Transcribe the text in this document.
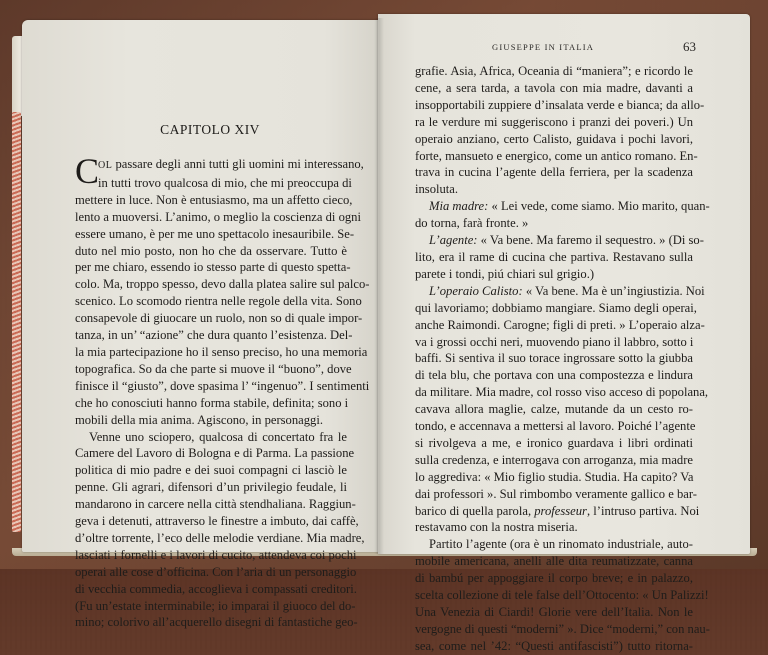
CAPITOLO XIV
C
OL passare degli anni tutti gli uomini mi interessano,
in tutti trovo qualcosa di mio, che mi preoccupa di
mettere in luce. Non è entusiasmo, ma un affetto cieco,
lento a muoversi. L’animo, o meglio la coscienza di ogni
essere umano, è per me uno spettacolo inesauribile. Se-
duto nel mio posto, non ho che da osservare. Tutto è
per me chiaro, essendo io stesso parte di questo spetta-
colo. Ma, troppo spesso, devo dalla platea salire sul palco-
scenico. Lo scomodo rientra nelle regole della vita. Sono
consapevole di giuocare un ruolo, non so di quale impor-
tanza, in un’ “azione” che dura quanto l’esistenza. Del-
la mia partecipazione ho il senso preciso, ho una memoria
topografica. So da che parte si muove il “buono”, dove
finisce il “giusto”, dove spasima l’ “ingenuo”. I sentimenti
che ho conosciuti hanno forma stabile, definita; sono i
mobili della mia anima. Agiscono, in personaggi.
Venne uno sciopero, qualcosa di concertato fra le
Camere del Lavoro di Bologna e di Parma. La passione
politica di mio padre e dei suoi compagni ci lasciò le
penne. Gli agrari, difensori d’un privilegio feudale, li
mandarono in carcere nella città stendhaliana. Raggiun-
geva i detenuti, attraverso le finestre a imbuto, dai caffè,
d’oltre torrente, l’eco delle melodie verdiane. Mia madre,
lasciati i fornelli e i lavori di cucito, attendeva coi pochi
operai alle cose d’officina. Con l’aria di un personaggio
di vecchia commedia, accoglieva i compassati creditori.
(Fu un’estate interminabile; io imparai il giuoco del do-
mino; colorivo all’acquerello disegni di fantastiche geo-
GIUSEPPE IN ITALIA	63
grafie. Asia, Africa, Oceania di “maniera”; e ricordo le
cene, a sera tarda, a tavola con mia madre, davanti a
insopportabili zuppiere d’insalata verde e bianca; da allo-
ra le verdure mi suggeriscono i pranzi dei poveri.) Un
operaio anziano, certo Calisto, guidava i pochi lavori,
forte, mansueto e energico, come un antico romano. En-
trava in cucina l’agente della ferriera, per la scadenza
insoluta.
Mia madre: « Lei vede, come siamo. Mio marito, quan-
do torna, farà fronte. »
L’agente: « Va bene. Ma faremo il sequestro. » (Di so-
lito, era il rame di cucina che partiva. Restavano sulla
parete i tondi, piú chiari sul grigio.)
L’operaio Calisto: « Va bene. Ma è un’ingiustizia. Noi
qui lavoriamo; dobbiamo mangiare. Siamo degli operai,
anche Raimondi. Carogne; figli di preti. » L’operaio alza-
va i grossi occhi neri, muovendo piano il labbro, sotto i
baffi. Si sentiva il suo torace ingrossare sotto la giubba
di tela blu, che portava con una compostezza e lindura
da militare. Mia madre, col rosso viso acceso di popolana,
cavava allora maglie, calze, mutande da un cesto ro-
tondo, e accennava a mettersi al lavoro. Poiché l’agente
si rivolgeva a me, e ironico guardava i libri ordinati
sulla credenza, e interrogava con arroganza, mia madre
lo aggrediva: « Mio figlio studia. Studia. Ha capito? Va
dai professori ». Sul rimbombo veramente gallico e bar-
barico di quella parola, professeur, l’intruso partiva. Noi
restavamo con la nostra miseria.
Partito l’agente (ora è un rinomato industriale, auto-
mobile americana, anelli alle dita reumatizzate, canna
di bambú per appoggiare il corpo breve; e in palazzo,
scelta collezione di tele false dell’Ottocento: « Un Palizzi!
Una Venezia di Ciardi! Glorie vere dell’Italia. Non le
vergogne di questi “moderni” ». Dice “moderni,” con nau-
sea, come nel ’42: “Questi antifascisti”) tutto ritorna-
